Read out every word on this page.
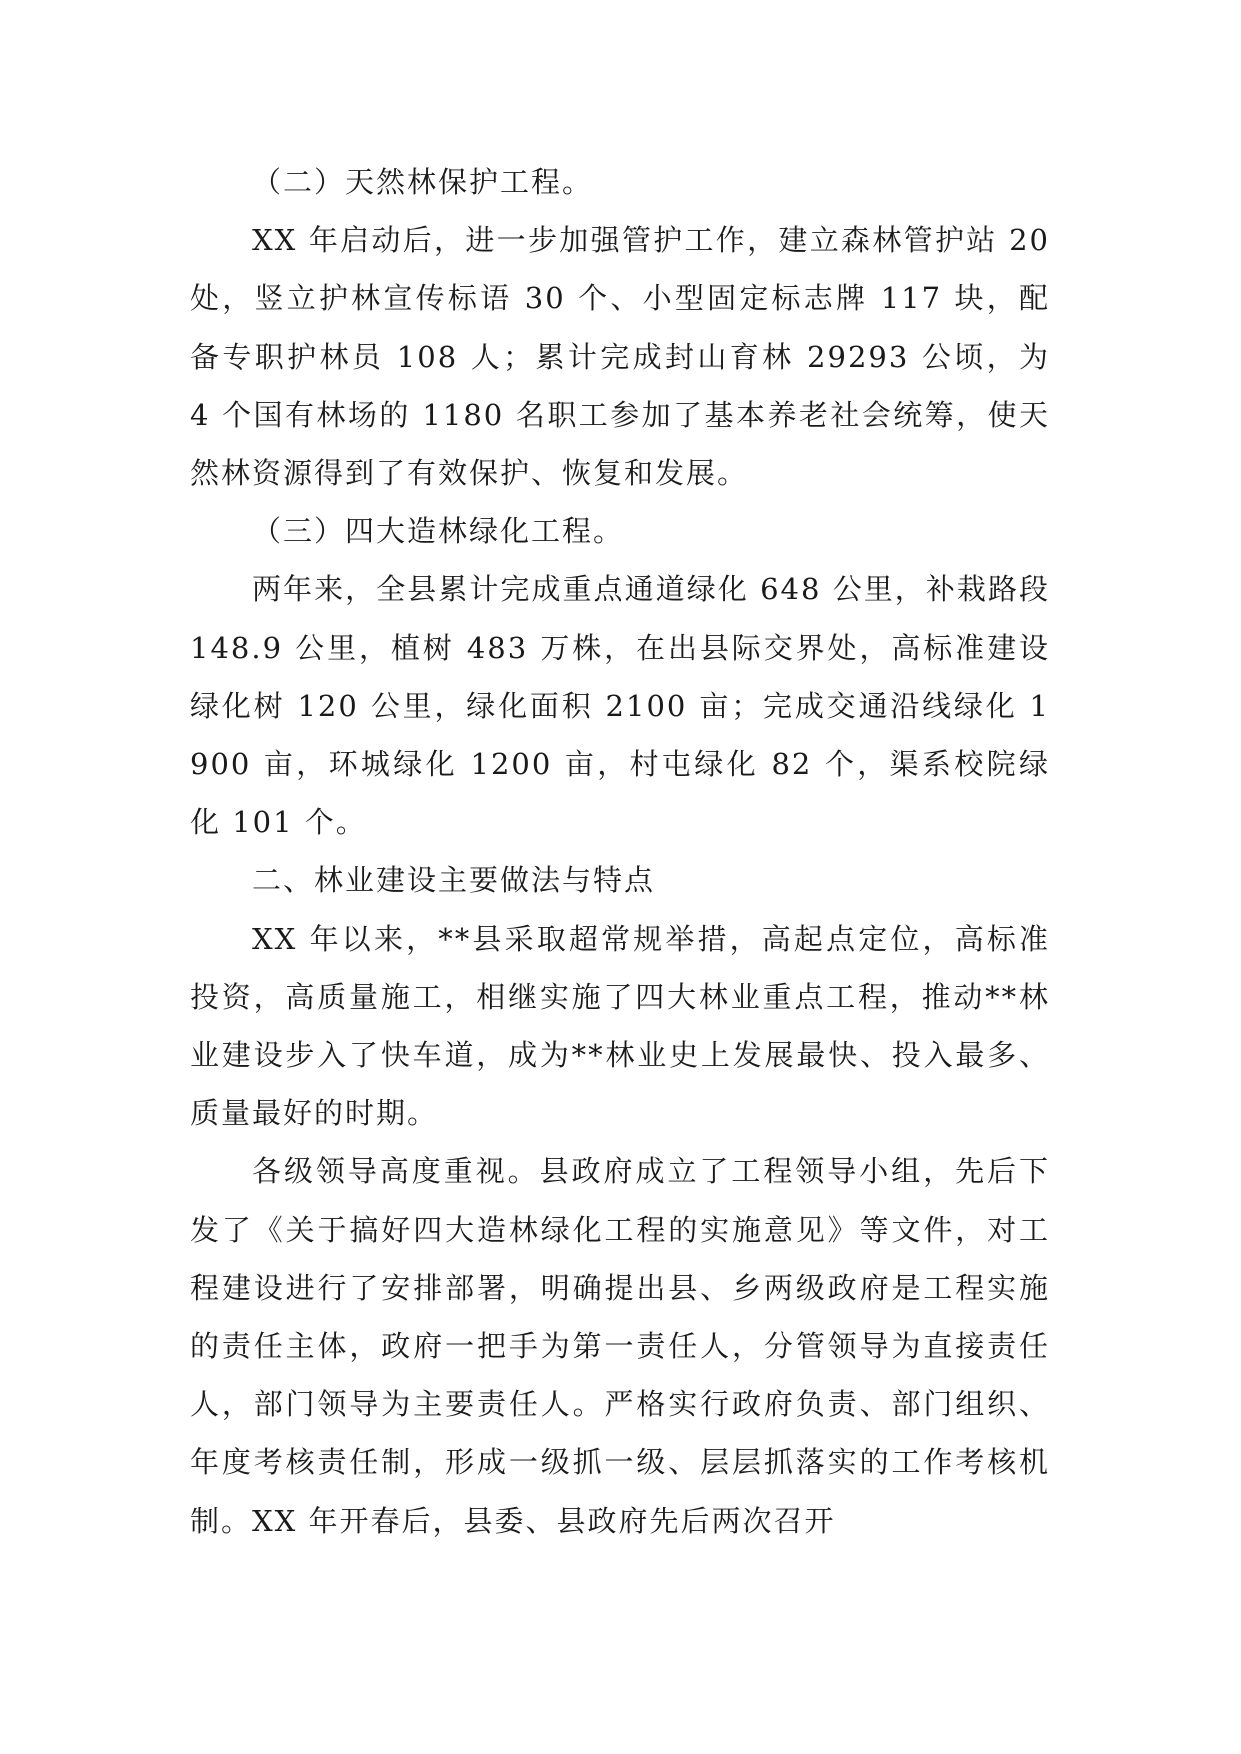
（二）天然林保护工程。

XX 年启动后，进一步加强管护工作，建立森林管护站 20 处，竖立护林宣传标语 30 个、小型固定标志牌 117 块，配备专职护林员 108 人；累计完成封山育林 29293 公顷，为 4 个国有林场的 1180 名职工参加了基本养老社会统筹，使天然林资源得到了有效保护、恢复和发展。

（三）四大造林绿化工程。

两年来，全县累计完成重点通道绿化 648 公里，补栽路段 148.9 公里，植树 483 万株，在出县际交界处，高标准建设绿化树 120 公里，绿化面积 2100 亩；完成交通沿线绿化 1900 亩，环城绿化 1200 亩，村屯绿化 82 个，渠系校院绿化 101 个。

二、林业建设主要做法与特点

XX 年以来，**县采取超常规举措，高起点定位，高标准投资，高质量施工，相继实施了四大林业重点工程，推动**林业建设步入了快车道，成为**林业史上发展最快、投入最多、质量最好的时期。

各级领导高度重视。县政府成立了工程领导小组，先后下发了《关于搞好四大造林绿化工程的实施意见》等文件，对工程建设进行了安排部署，明确提出县、乡两级政府是工程实施的责任主体，政府一把手为第一责任人，分管领导为直接责任人，部门领导为主要责任人。严格实行政府负责、部门组织、年度考核责任制，形成一级抓一级、层层抓落实的工作考核机制。XX 年开春后，县委、县政府先后两次召开
